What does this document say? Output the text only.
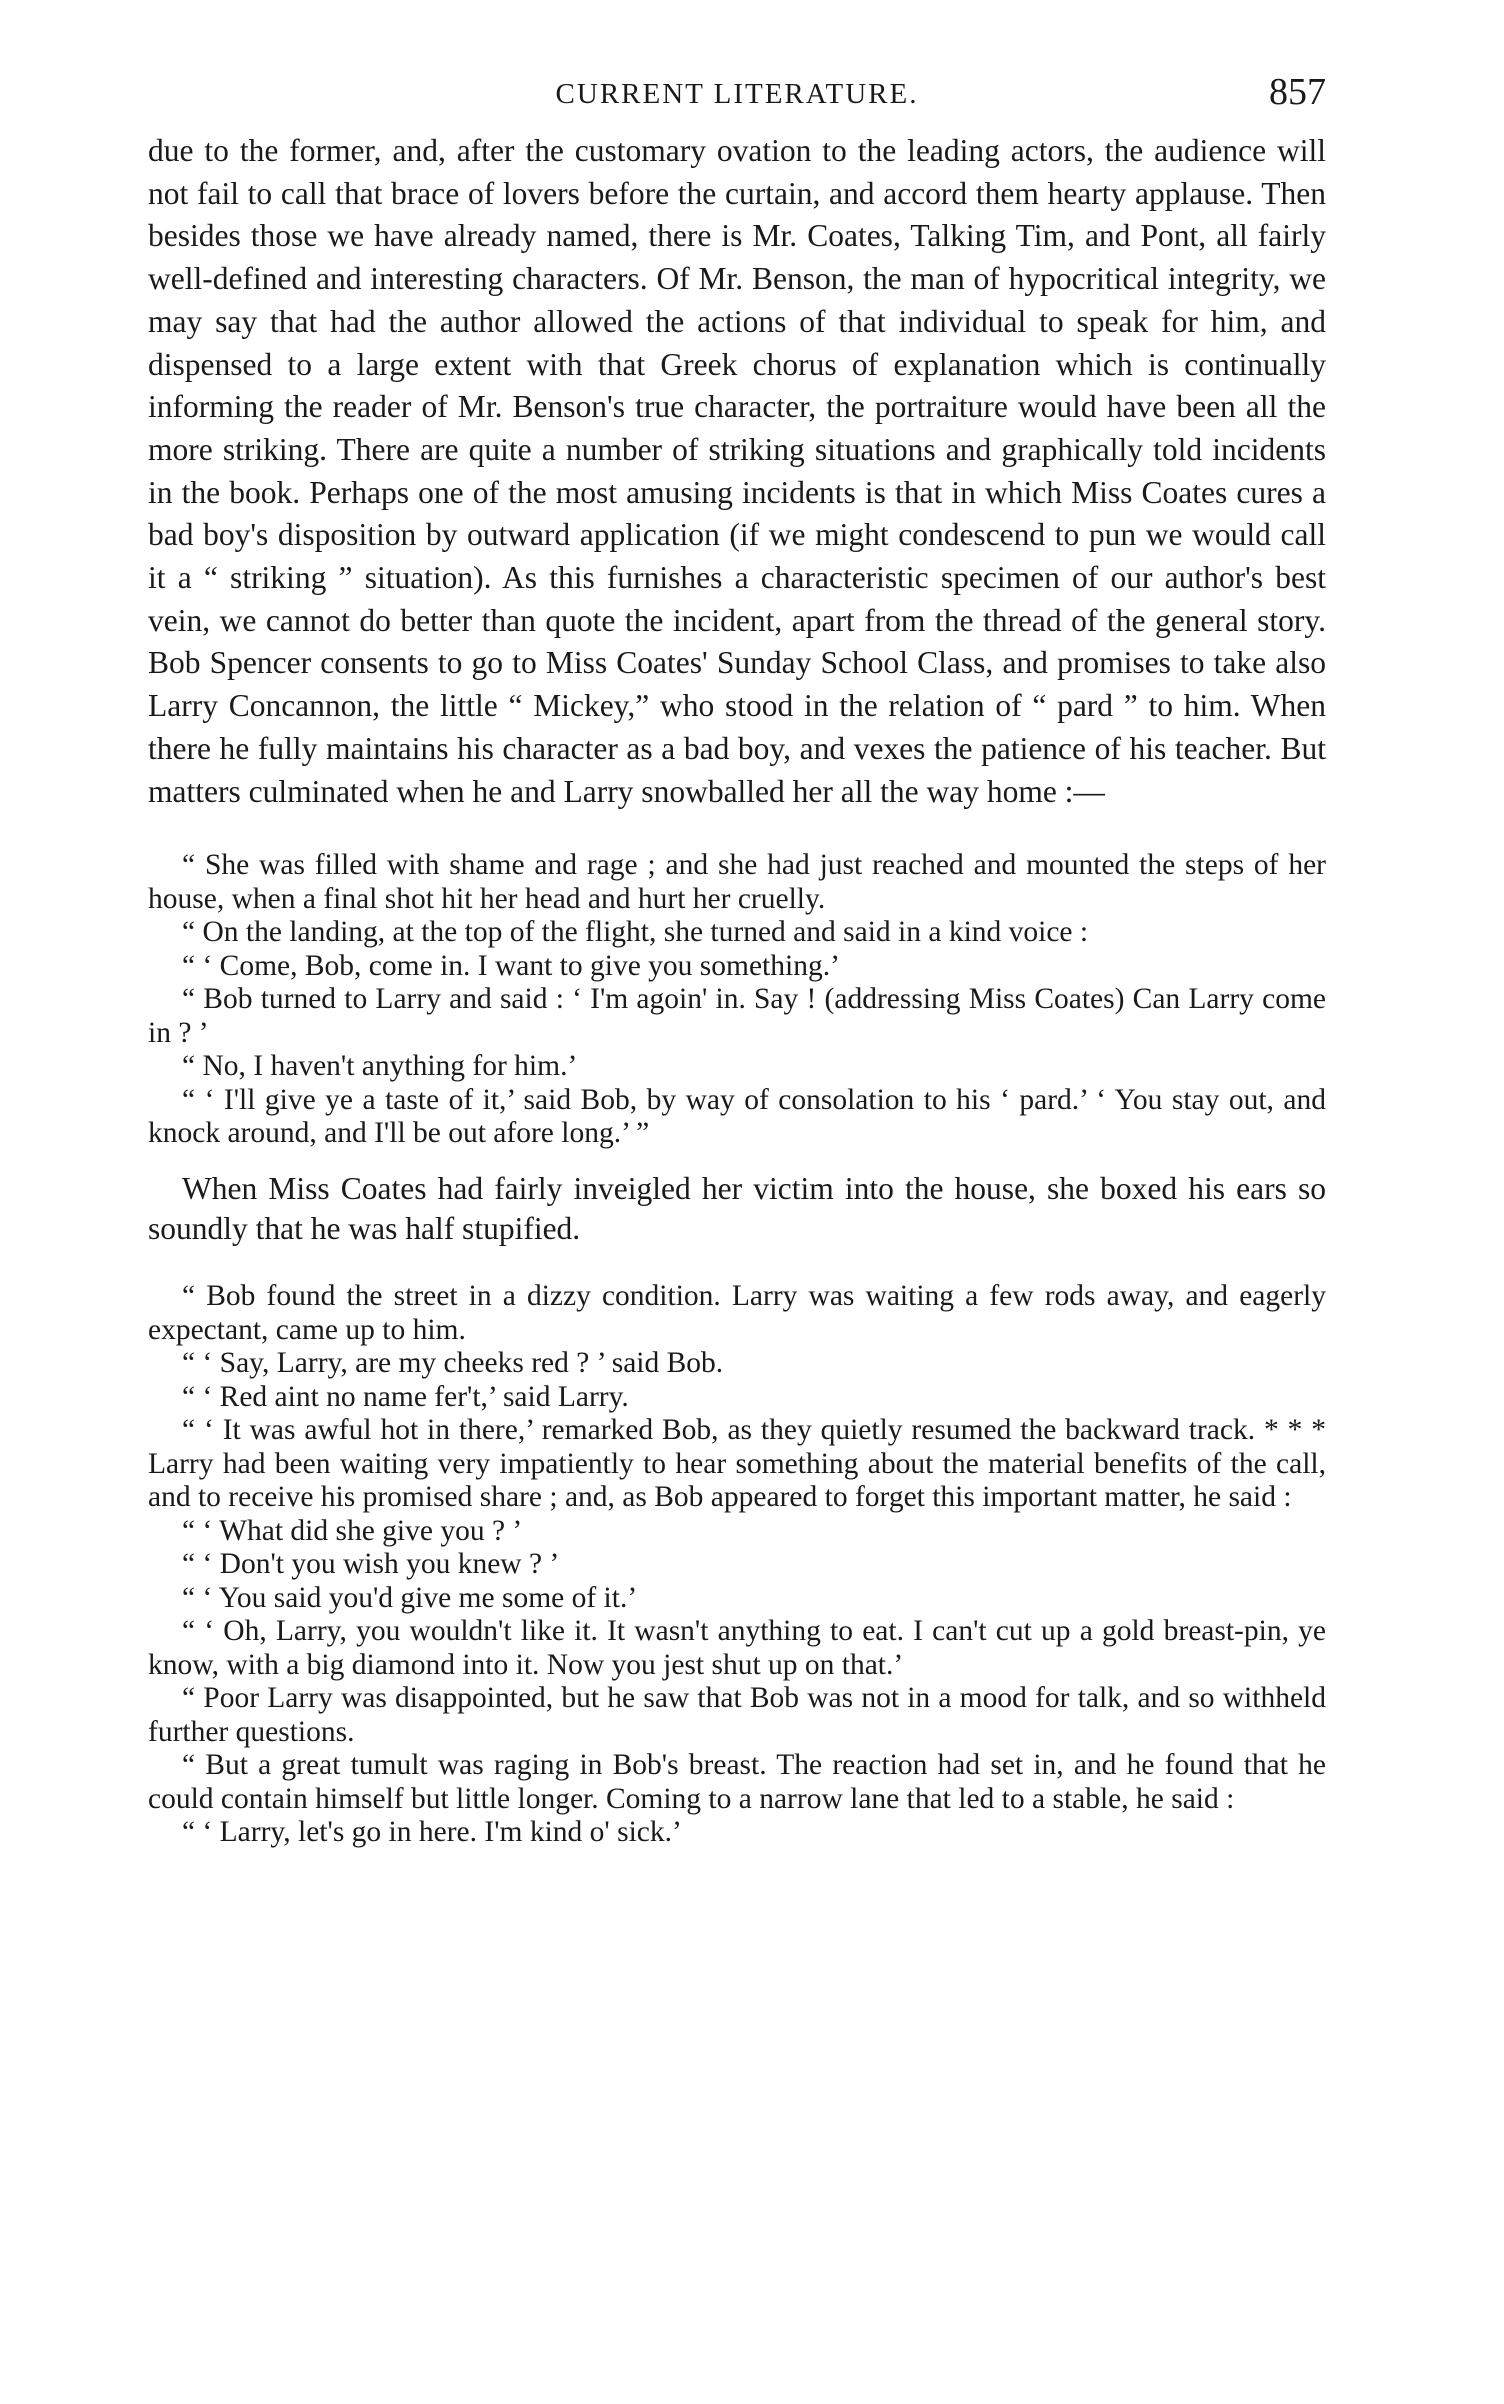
CURRENT LITERATURE.	857

due to the former, and, after the customary ovation to the leading actors, the audience will not fail to call that brace of lovers before the curtain, and accord them hearty applause. Then besides those we have already named, there is Mr. Coates, Talking Tim, and Pont, all fairly well-defined and interesting characters. Of Mr. Benson, the man of hypocritical integrity, we may say that had the author allowed the actions of that individual to speak for him, and dispensed to a large extent with that Greek chorus of explanation which is continually informing the reader of Mr. Benson's true character, the portraiture would have been all the more striking. There are quite a number of striking situations and graphically told incidents in the book. Perhaps one of the most amusing incidents is that in which Miss Coates cures a bad boy's disposition by outward application (if we might condescend to pun we would call it a “ striking ” situation). As this furnishes a characteristic specimen of our author's best vein, we cannot do better than quote the incident, apart from the thread of the general story. Bob Spencer consents to go to Miss Coates' Sunday School Class, and promises to take also Larry Concannon, the little “ Mickey,” who stood in the relation of “ pard ” to him. When there he fully maintains his character as a bad boy, and vexes the patience of his teacher. But matters culminated when he and Larry snowballed her all the way home :—

“ She was filled with shame and rage ; and she had just reached and mounted the steps of her house, when a final shot hit her head and hurt her cruelly.

“ On the landing, at the top of the flight, she turned and said in a kind voice :

“ ‘ Come, Bob, come in. I want to give you something.’

“ Bob turned to Larry and said : ‘ I'm agoin' in. Say ! (addressing Miss Coates) Can Larry come in ? ’

“ No, I haven't anything for him.’

“ ‘ I'll give ye a taste of it,’ said Bob, by way of consolation to his ‘ pard.’ ‘ You stay out, and knock around, and I'll be out afore long.’ ”

When Miss Coates had fairly inveigled her victim into the house, she boxed his ears so soundly that he was half stupified.

“ Bob found the street in a dizzy condition. Larry was waiting a few rods away, and eagerly expectant, came up to him.

“ ‘ Say, Larry, are my cheeks red ? ’ said Bob.

“ ‘ Red aint no name fer't,’ said Larry.

“ ‘ It was awful hot in there,’ remarked Bob, as they quietly resumed the backward track. * * * Larry had been waiting very impatiently to hear something about the material benefits of the call, and to receive his promised share ; and, as Bob appeared to forget this important matter, he said :

“ ‘ What did she give you ? ’

“ ‘ Don't you wish you knew ? ’

“ ‘ You said you'd give me some of it.’

“ ‘ Oh, Larry, you wouldn't like it. It wasn't anything to eat. I can't cut up a gold breast-pin, ye know, with a big diamond into it. Now you jest shut up on that.’

“ Poor Larry was disappointed, but he saw that Bob was not in a mood for talk, and so withheld further questions.

“ But a great tumult was raging in Bob's breast. The reaction had set in, and he found that he could contain himself but little longer. Coming to a narrow lane that led to a stable, he said :

“ ‘ Larry, let's go in here. I'm kind o' sick.’
